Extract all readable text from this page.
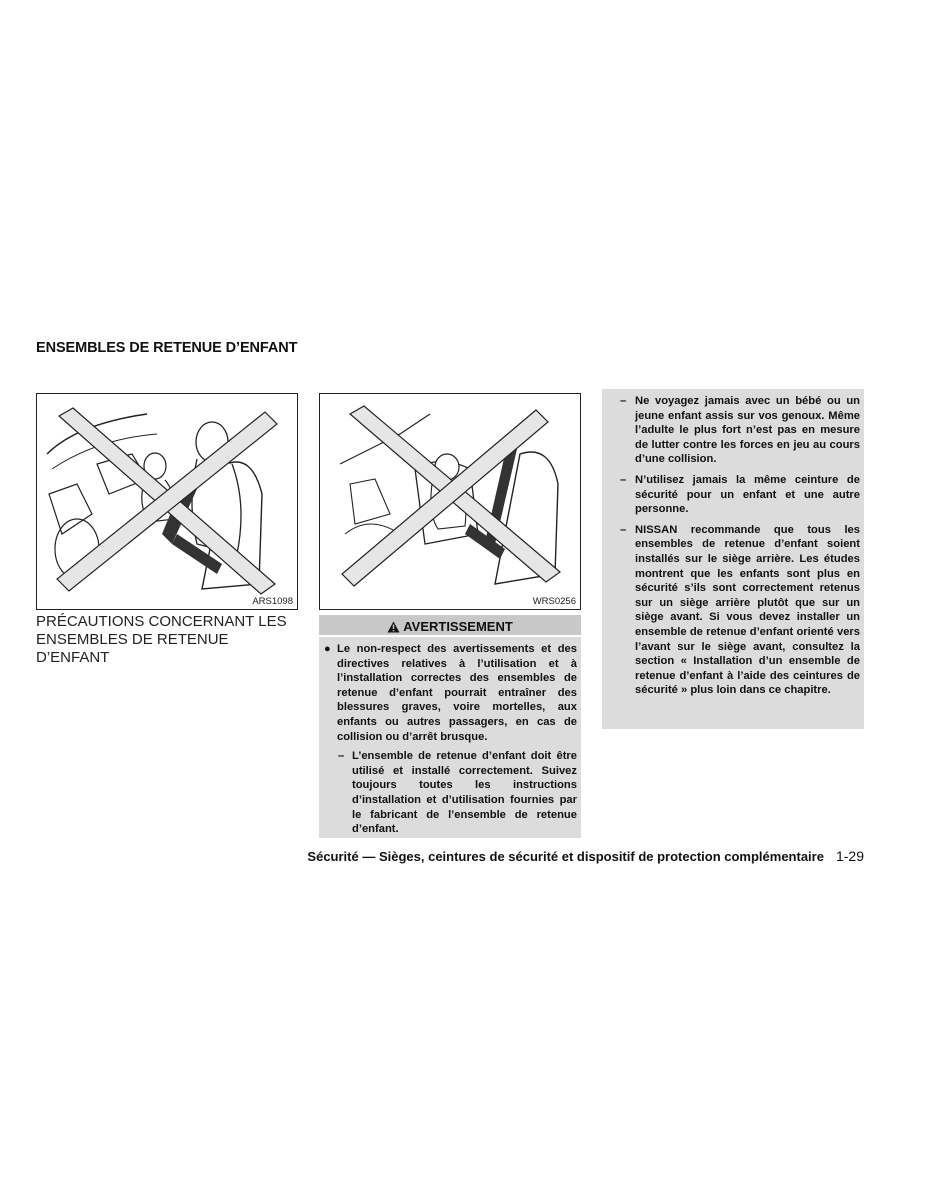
ENSEMBLES DE RETENUE D’ENFANT
ARS1098	WRS0256
PRÉCAUTIONS CONCERNANT LES ENSEMBLES DE RETENUE D’ENFANT
AVERTISSEMENT
● Le non-respect des avertissements et des directives relatives à l’utilisation et à l’installation correctes des ensembles de retenue d’enfant pourrait entraîner des blessures graves, voire mortelles, aux enfants ou autres passagers, en cas de collision ou d’arrêt brusque.
– L’ensemble de retenue d’enfant doit être utilisé et installé correctement. Suivez toujours toutes les instructions d’installation et d’utilisation fournies par le fabricant de l’ensemble de retenue d’enfant.
– Ne voyagez jamais avec un bébé ou un jeune enfant assis sur vos genoux. Même l’adulte le plus fort n’est pas en mesure de lutter contre les forces en jeu au cours d’une collision.
– N’utilisez jamais la même ceinture de sécurité pour un enfant et une autre personne.
– NISSAN recommande que tous les ensembles de retenue d’enfant soient installés sur le siège arrière. Les études montrent que les enfants sont plus en sécurité s’ils sont correctement retenus sur un siège arrière plutôt que sur un siège avant. Si vous devez installer un ensemble de retenue d’enfant orienté vers l’avant sur le siège avant, consultez la section « Installation d’un ensemble de retenue d’enfant à l’aide des ceintures de sécurité » plus loin dans ce chapitre.
Sécurité — Sièges, ceintures de sécurité et dispositif de protection complémentaire 1-29
